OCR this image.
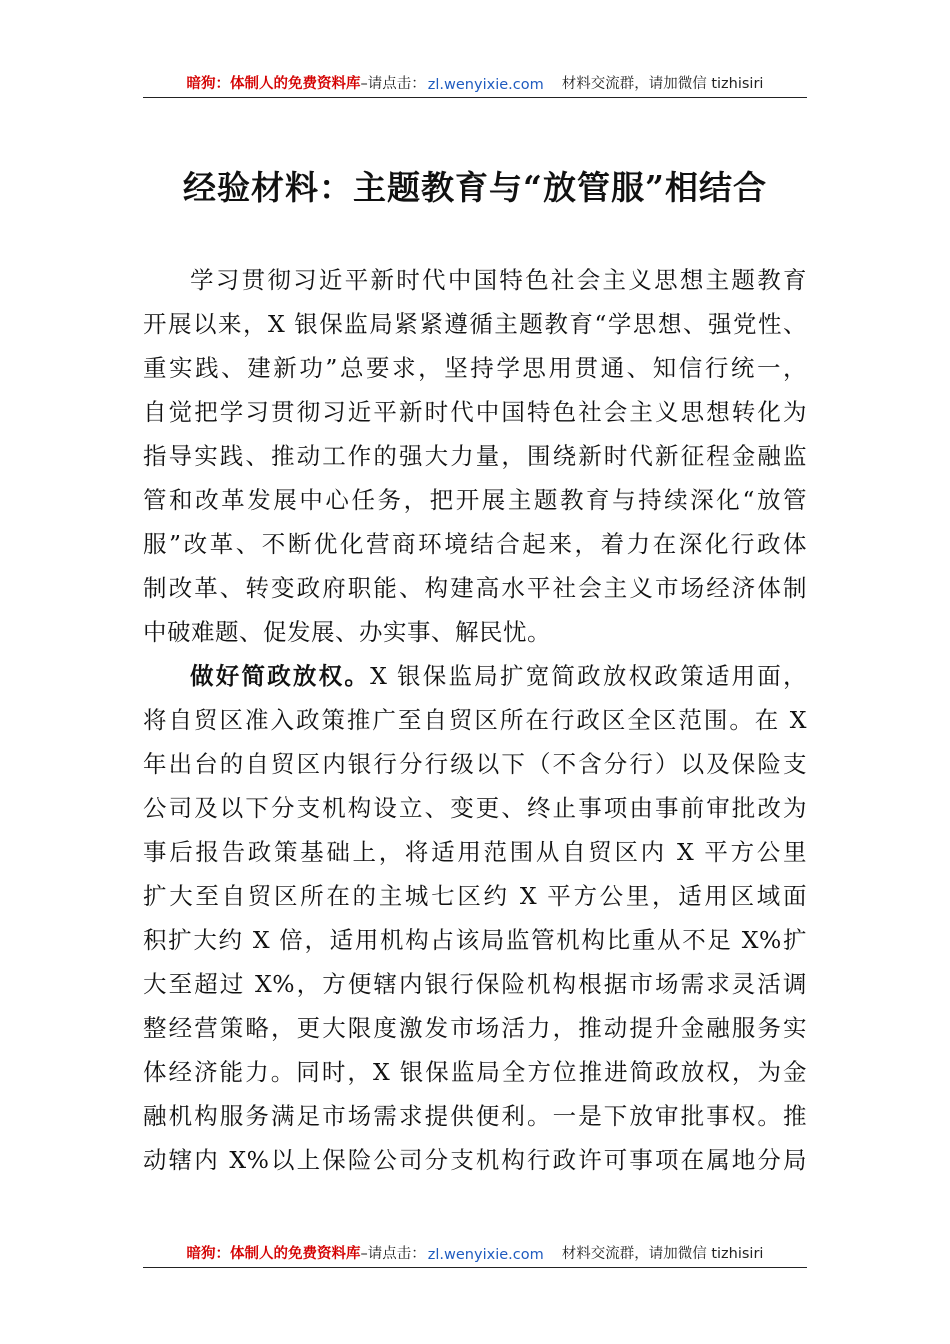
暗狗：体制人的免费资料库 –请点击： zl.wenyixie.com 材料交流群，请加微信 tizhisiri
经验材料：主题教育与“放管服”相结合
学习贯彻习近平新时代中国特色社会主义思想主题教育
开展以来，X 银保监局紧紧遵循主题教育“学思想、强党性、
重实践、建新功”总要求，坚持学思用贯通、知信行统一，
自觉把学习贯彻习近平新时代中国特色社会主义思想转化为
指导实践、推动工作的强大力量，围绕新时代新征程金融监
管和改革发展中心任务，把开展主题教育与持续深化“放管
服”改革、不断优化营商环境结合起来，着力在深化行政体
制改革、转变政府职能、构建高水平社会主义市场经济体制
中破难题、促发展、办实事、解民忧。
做好简政放权。X 银保监局扩宽简政放权政策适用面，
将自贸区准入政策推广至自贸区所在行政区全区范围。在 X
年出台的自贸区内银行分行级以下（不含分行）以及保险支
公司及以下分支机构设立、变更、终止事项由事前审批改为
事后报告政策基础上，将适用范围从自贸区内 X 平方公里
扩大至自贸区所在的主城七区约 X 平方公里，适用区域面
积扩大约 X 倍，适用机构占该局监管机构比重从不足 X%扩
大至超过 X%，方便辖内银行保险机构根据市场需求灵活调
整经营策略，更大限度激发市场活力，推动提升金融服务实
体经济能力。同时，X 银保监局全方位推进简政放权，为金
融机构服务满足市场需求提供便利。一是下放审批事权。推
动辖内 X%以上保险公司分支机构行政许可事项在属地分局
暗狗：体制人的免费资料库 –请点击： zl.wenyixie.com 材料交流群，请加微信 tizhisiri
